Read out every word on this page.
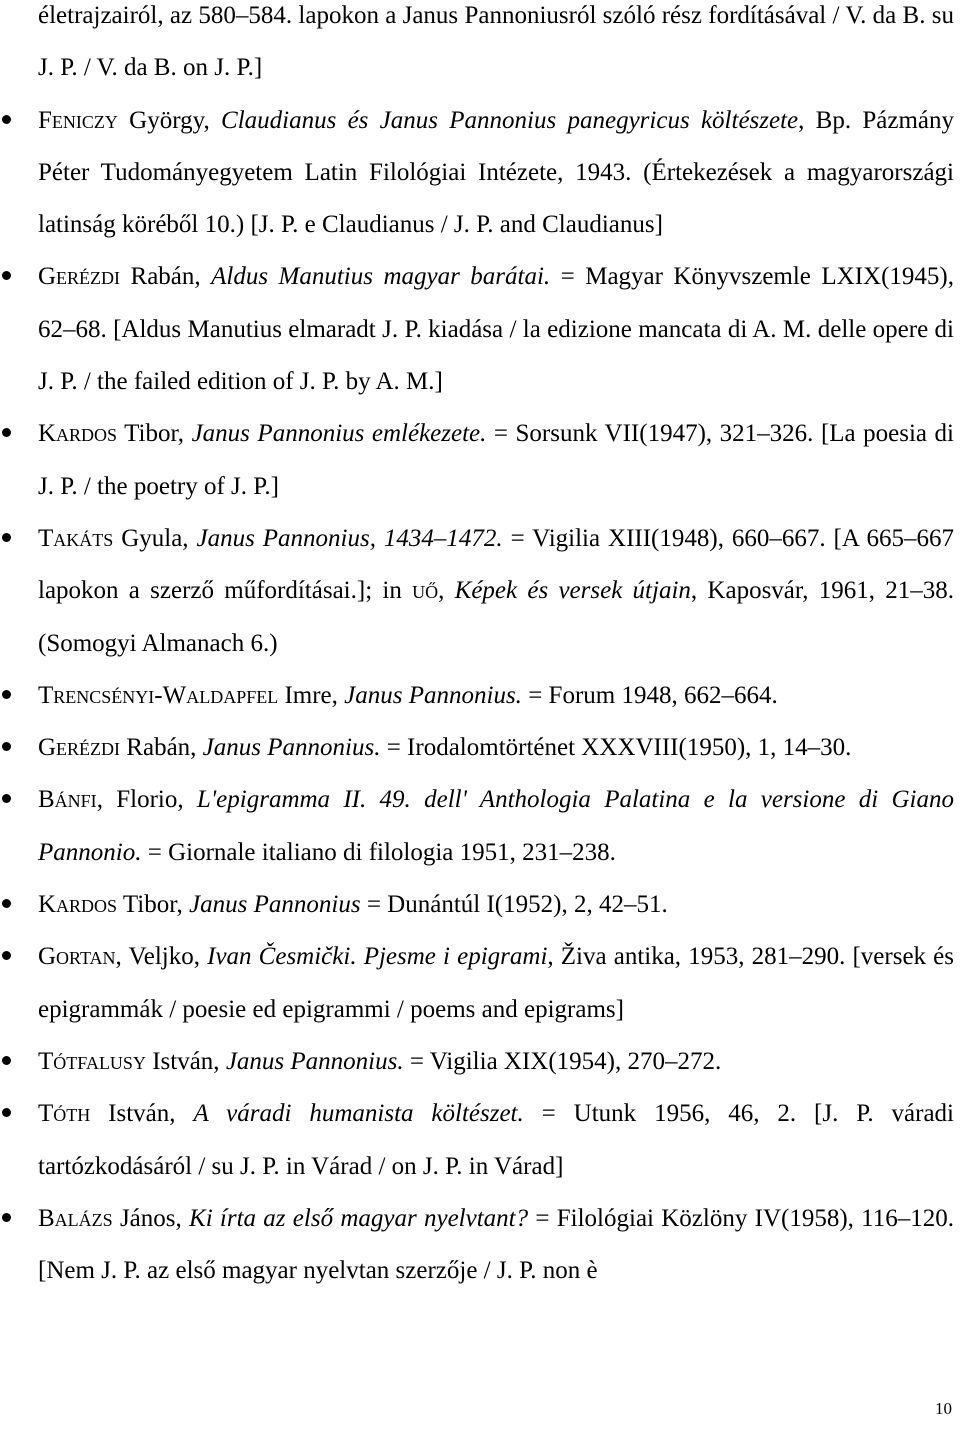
életrajzairól, az 580–584. lapokon a Janus Pannoniusról szóló rész fordításával / V. da B. su J. P. / V. da B. on J. P.]
Feniczy György, Claudianus és Janus Pannonius panegyricus költészete, Bp. Pázmány Péter Tudományegyetem Latin Filológiai Intézete, 1943. (Értekezések a magyarországi latinság köréből 10.) [J. P. e Claudianus / J. P. and Claudianus]
Gerézdi Rabán, Aldus Manutius magyar barátai. = Magyar Könyvszemle LXIX(1945), 62–68. [Aldus Manutius elmaradt J. P. kiadása / la edizione mancata di A. M. delle opere di J. P. / the failed edition of J. P. by A. M.]
Kardos Tibor, Janus Pannonius emlékezete. = Sorsunk VII(1947), 321–326. [La poesia di J. P. / the poetry of J. P.]
Takáts Gyula, Janus Pannonius, 1434–1472. = Vigilia XIII(1948), 660–667. [A 665–667 lapokon a szerző műfordításai.]; in uő, Képek és versek útjain, Kaposvár, 1961, 21–38. (Somogyi Almanach 6.)
Trencsényi-Waldapfel Imre, Janus Pannonius. = Forum 1948, 662–664.
Gerézdi Rabán, Janus Pannonius. = Irodalomtörténet XXXVIII(1950), 1, 14–30.
Bánfi, Florio, L'epigramma II. 49. dell' Anthologia Palatina e la versione di Giano Pannonio. = Giornale italiano di filologia 1951, 231–238.
Kardos Tibor, Janus Pannonius = Dunántúl I(1952), 2, 42–51.
Gortan, Veljko, Ivan Česmički. Pjesme i epigrami, Živa antika, 1953, 281–290. [versek és epigrammák / poesie ed epigrammi / poems and epigrams]
Tótfalusy István, Janus Pannonius. = Vigilia XIX(1954), 270–272.
Tóth István, A váradi humanista költészet. = Utunk 1956, 46, 2. [J. P. váradi tartózkodásáról / su J. P. in Várad / on J. P. in Várad]
Balázs János, Ki írta az első magyar nyelvtant? = Filológiai Közlöny IV(1958), 116–120. [Nem J. P. az első magyar nyelvtan szerzője / J. P. non è
10
